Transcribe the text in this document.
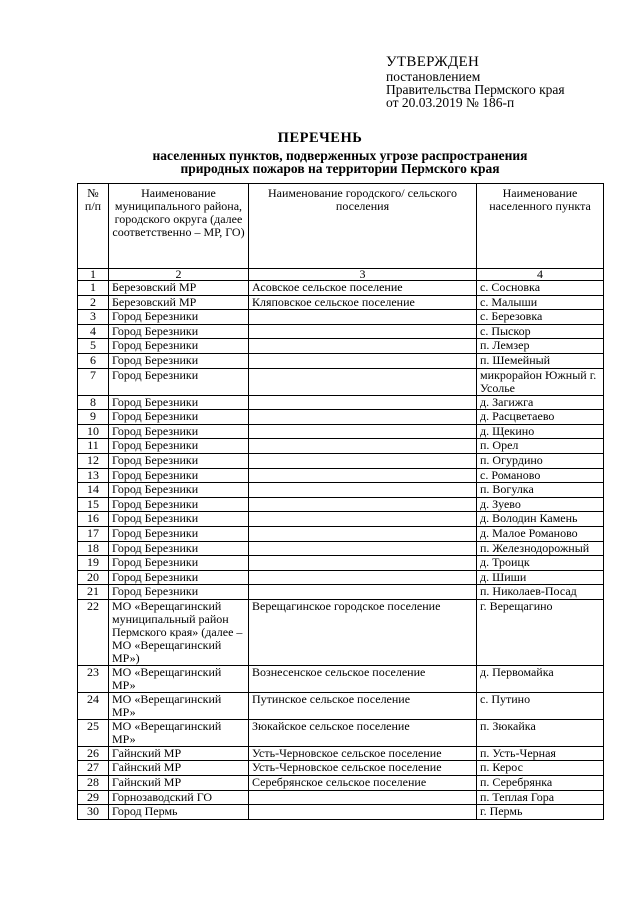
УТВЕРЖДЕН
постановлением
Правительства Пермского края
от 20.03.2019 № 186-п
ПЕРЕЧЕНЬ
населенных пунктов, подверженных угрозе распространения природных пожаров на территории Пермского края
№ п/п	Наименование муниципального района, городского округа (далее соответственно – МР, ГО)	Наименование городского/ сельского поселения	Наименование населенного пункта
1	2	3	4
1	Березовский МР	Асовское сельское поселение	с. Сосновка
2	Березовский МР	Кляповское сельское поселение	с. Малыши
3	Город Березники		с. Березовка
4	Город Березники		с. Пыскор
5	Город Березники		п. Лемзер
6	Город Березники		п. Шемейный
7	Город Березники		микрорайон Южный г. Усолье
8	Город Березники		д. Загижга
9	Город Березники		д. Расцветаево
10	Город Березники		д. Щекино
11	Город Березники		п. Орел
12	Город Березники		п. Огурдино
13	Город Березники		с. Романово
14	Город Березники		п. Вогулка
15	Город Березники		д. Зуево
16	Город Березники		д. Володин Камень
17	Город Березники		д. Малое Романово
18	Город Березники		п. Железнодорожный
19	Город Березники		д. Троицк
20	Город Березники		д. Шиши
21	Город Березники		п. Николаев-Посад
22	МО «Верещагинский муниципальный район Пермского края» (далее – МО «Верещагинский МР»)	Верещагинское городское поселение	г. Верещагино
23	МО «Верещагинский МР»	Вознесенское сельское поселение	д. Первомайка
24	МО «Верещагинский МР»	Путинское сельское поселение	с. Путино
25	МО «Верещагинский МР»	Зюкайское сельское поселение	п. Зюкайка
26	Гайнский МР	Усть-Черновское сельское поселение	п. Усть-Черная
27	Гайнский МР	Усть-Черновское сельское поселение	п. Керос
28	Гайнский МР	Серебрянское сельское поселение	п. Серебрянка
29	Горнозаводский ГО		п. Теплая Гора
30	Город Пермь		г. Пермь
